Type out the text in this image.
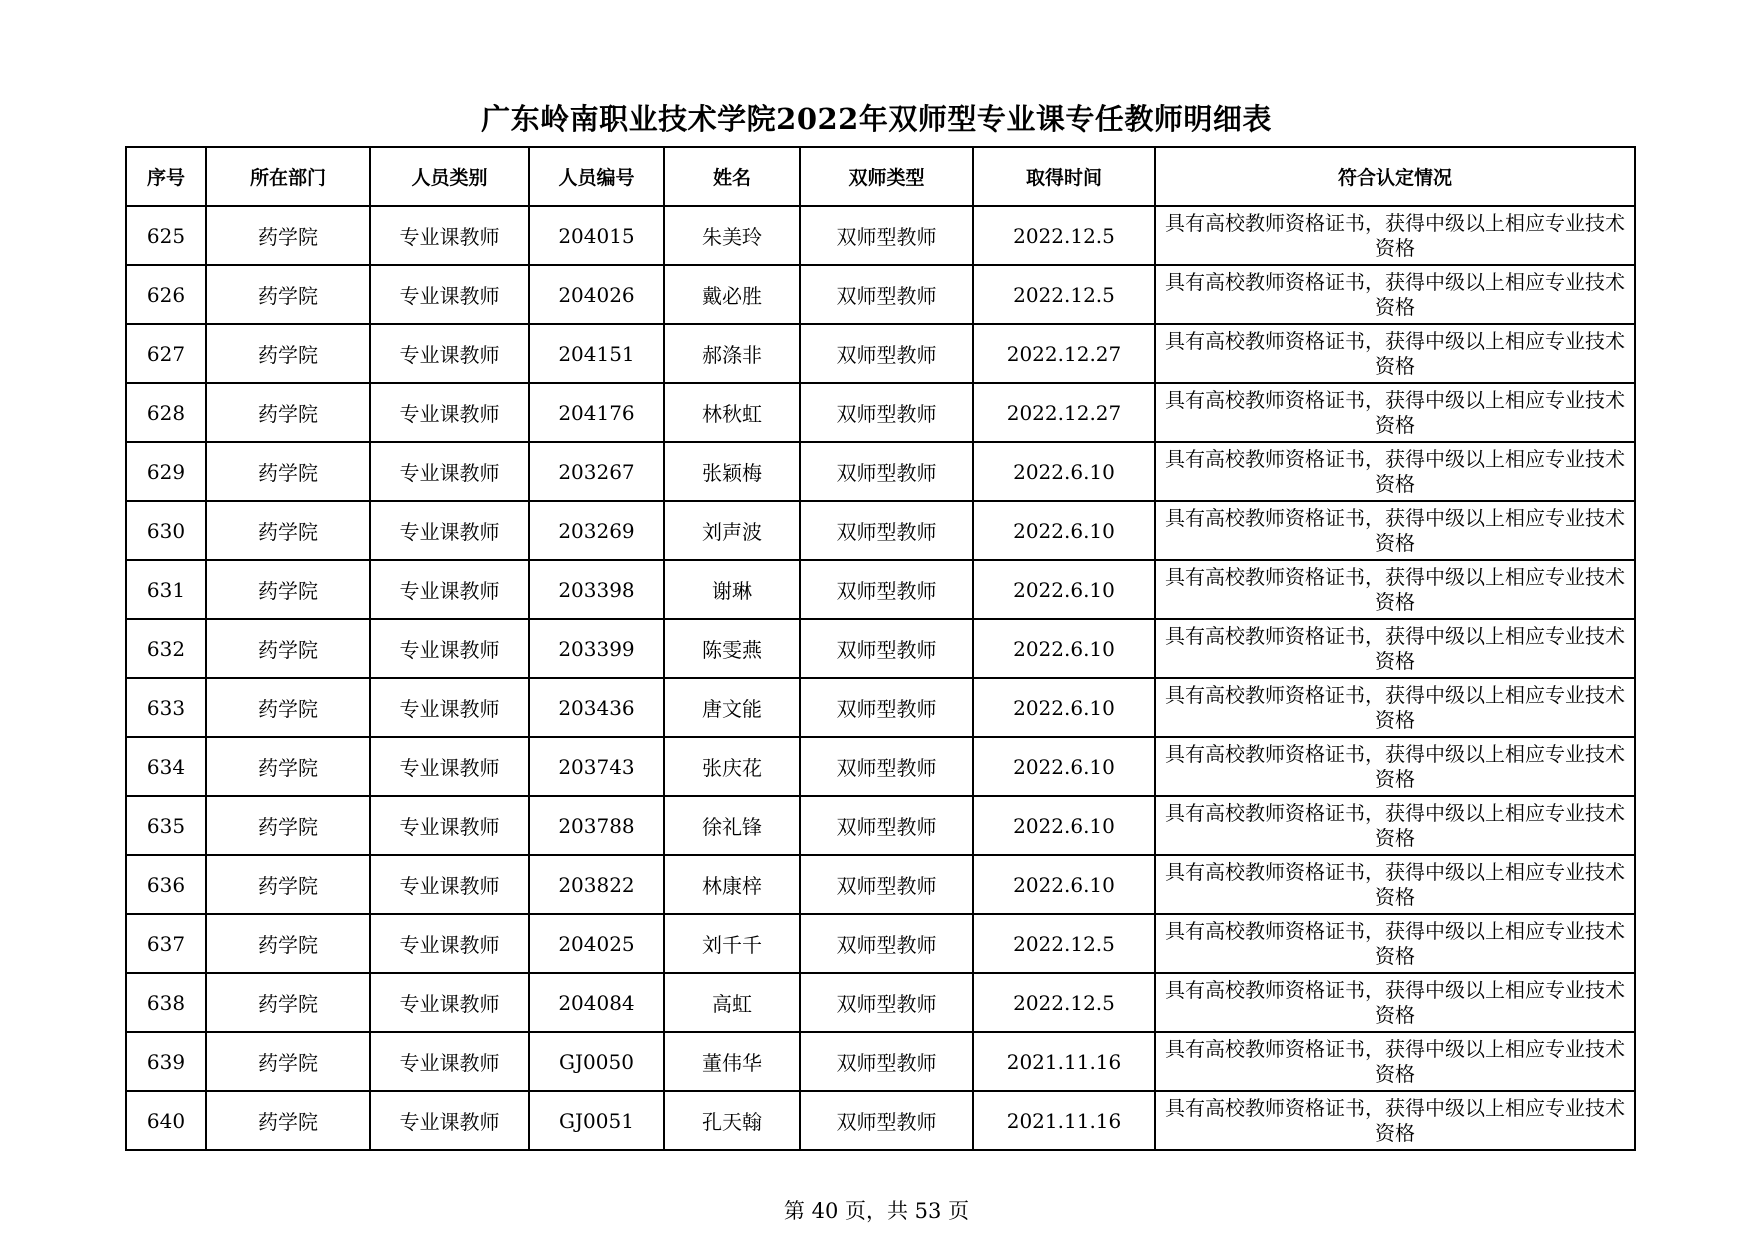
广东岭南职业技术学院2022年双师型专业课专任教师明细表
序号	所在部门	人员类别	人员编号	姓名	双师类型	取得时间	符合认定情况
625	药学院	专业课教师	204015	朱美玲	双师型教师	2022.12.5	具有高校教师资格证书，获得中级以上相应专业技术资格
626	药学院	专业课教师	204026	戴必胜	双师型教师	2022.12.5	具有高校教师资格证书，获得中级以上相应专业技术资格
627	药学院	专业课教师	204151	郝涤非	双师型教师	2022.12.27	具有高校教师资格证书，获得中级以上相应专业技术资格
628	药学院	专业课教师	204176	林秋虹	双师型教师	2022.12.27	具有高校教师资格证书，获得中级以上相应专业技术资格
629	药学院	专业课教师	203267	张颖梅	双师型教师	2022.6.10	具有高校教师资格证书，获得中级以上相应专业技术资格
630	药学院	专业课教师	203269	刘声波	双师型教师	2022.6.10	具有高校教师资格证书，获得中级以上相应专业技术资格
631	药学院	专业课教师	203398	谢琳	双师型教师	2022.6.10	具有高校教师资格证书，获得中级以上相应专业技术资格
632	药学院	专业课教师	203399	陈雯燕	双师型教师	2022.6.10	具有高校教师资格证书，获得中级以上相应专业技术资格
633	药学院	专业课教师	203436	唐文能	双师型教师	2022.6.10	具有高校教师资格证书，获得中级以上相应专业技术资格
634	药学院	专业课教师	203743	张庆花	双师型教师	2022.6.10	具有高校教师资格证书，获得中级以上相应专业技术资格
635	药学院	专业课教师	203788	徐礼锋	双师型教师	2022.6.10	具有高校教师资格证书，获得中级以上相应专业技术资格
636	药学院	专业课教师	203822	林康梓	双师型教师	2022.6.10	具有高校教师资格证书，获得中级以上相应专业技术资格
637	药学院	专业课教师	204025	刘千千	双师型教师	2022.12.5	具有高校教师资格证书，获得中级以上相应专业技术资格
638	药学院	专业课教师	204084	高虹	双师型教师	2022.12.5	具有高校教师资格证书，获得中级以上相应专业技术资格
639	药学院	专业课教师	GJ0050	董伟华	双师型教师	2021.11.16	具有高校教师资格证书，获得中级以上相应专业技术资格
640	药学院	专业课教师	GJ0051	孔天翰	双师型教师	2021.11.16	具有高校教师资格证书，获得中级以上相应专业技术资格
第 40 页，共 53 页
